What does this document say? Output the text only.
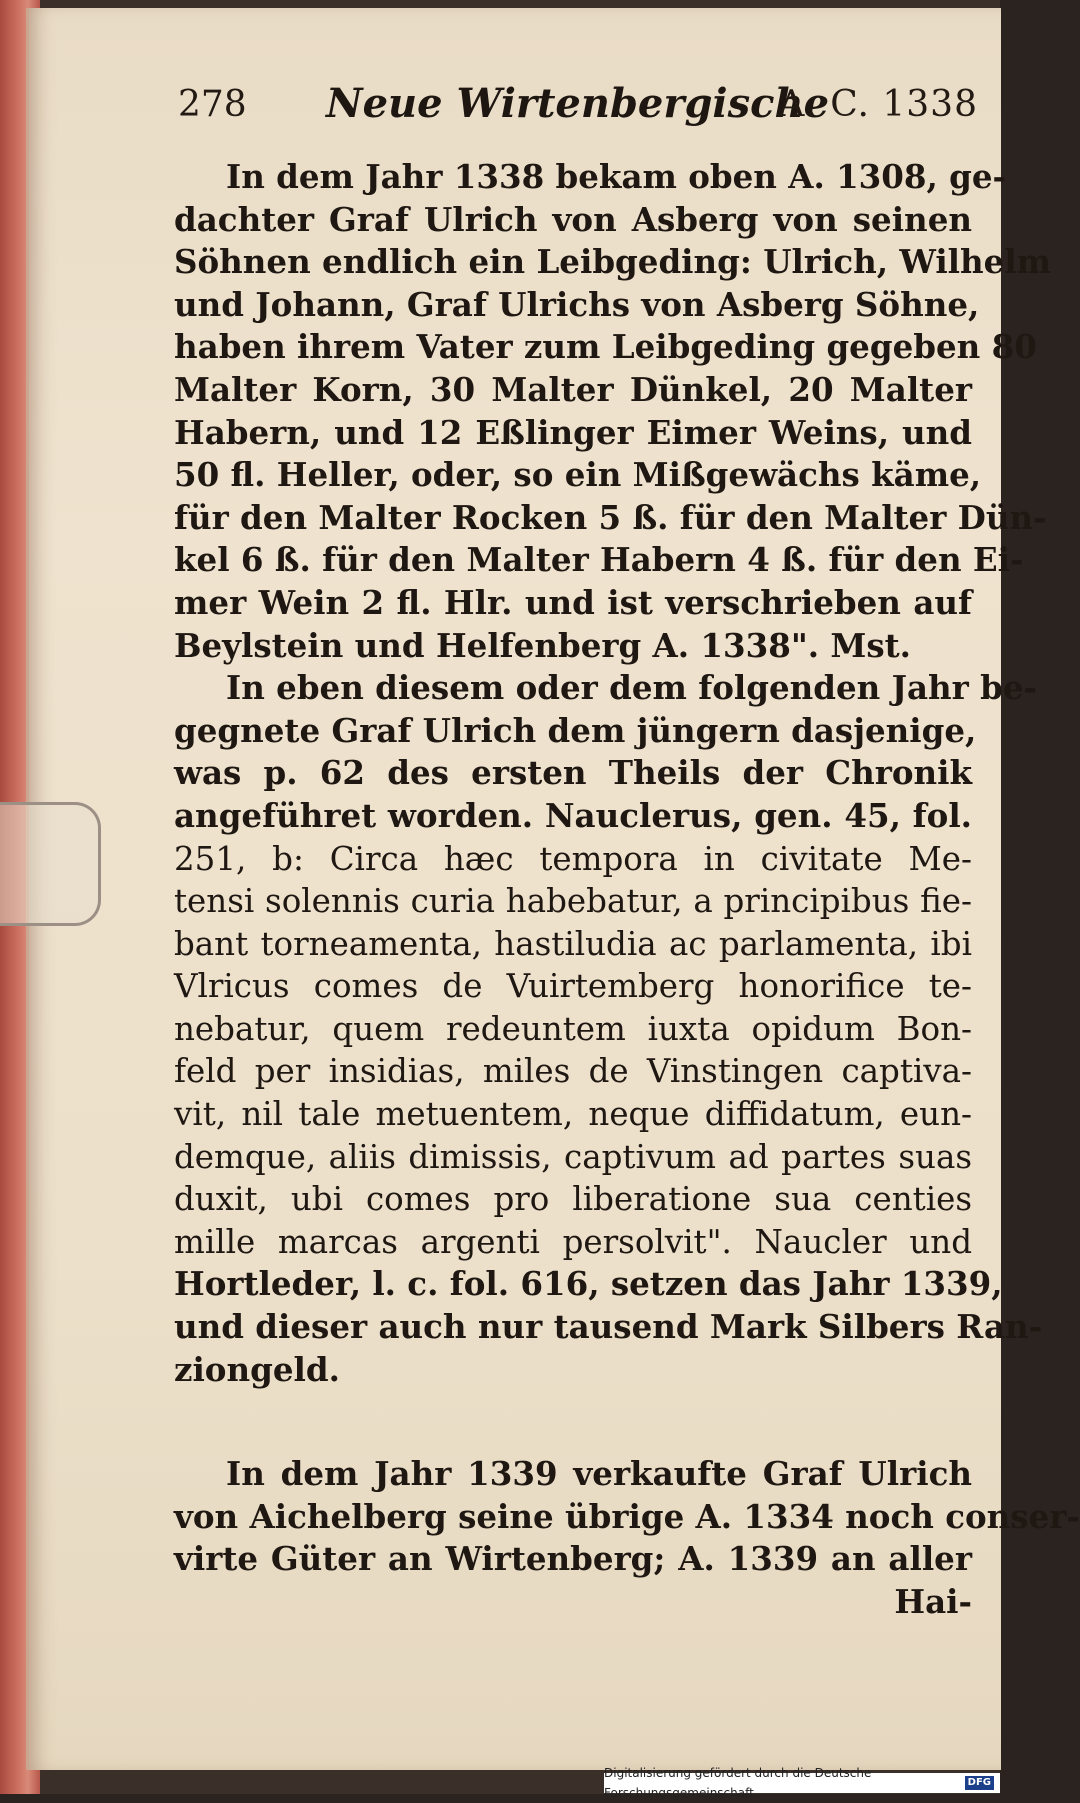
278 Neue Wirtenbergische
A. C. 1338
In dem Jahr 1338 bekam oben A. 1308, ge-
dachter Graf Ulrich von Asberg von seinen
Söhnen endlich ein Leibgeding: Ulrich, Wilhelm
und Johann, Graf Ulrichs von Asberg Söhne,
haben ihrem Vater zum Leibgeding gegeben 80
Malter Korn, 30 Malter Dünkel, 20 Malter
Habern, und 12 Eßlinger Eimer Weins, und
50 fl. Heller, oder, so ein Mißgewächs käme,
für den Malter Rocken 5 ß. für den Malter Dün-
kel 6 ß. für den Malter Habern 4 ß. für den Ei-
mer Wein 2 fl. Hlr. und ist verschrieben auf
Beylstein und Helfenberg A. 1338". Mst.
In eben diesem oder dem folgenden Jahr be-
gegnete Graf Ulrich dem jüngern dasjenige,
was p. 62 des ersten Theils der Chronik
angeführet worden. Nauclerus, gen. 45, fol.
251, b: Circa hæc tempora in civitate Me-
tensi solennis curia habebatur, a principibus fie-
bant torneamenta, hastiludia ac parlamenta, ibi
Vlricus comes de Vuirtemberg honorifice te-
nebatur, quem redeuntem iuxta opidum Bon-
feld per insidias, miles de Vinstingen captiva-
vit, nil tale metuentem, neque diffidatum, eun-
demque, aliis dimissis, captivum ad partes suas
duxit, ubi comes pro liberatione sua centies
mille marcas argenti persolvit". Naucler und
Hortleder, l. c. fol. 616, setzen das Jahr 1339,
und dieser auch nur tausend Mark Silbers Ran-
ziongeld.
In dem Jahr 1339 verkaufte Graf Ulrich
von Aichelberg seine übrige A. 1334 noch conser-
virte Güter an Wirtenberg; A. 1339 an aller
Hai-
Digitalisierung gefördert durch die Deutsche Forschungsgemeinschaft
DFG
